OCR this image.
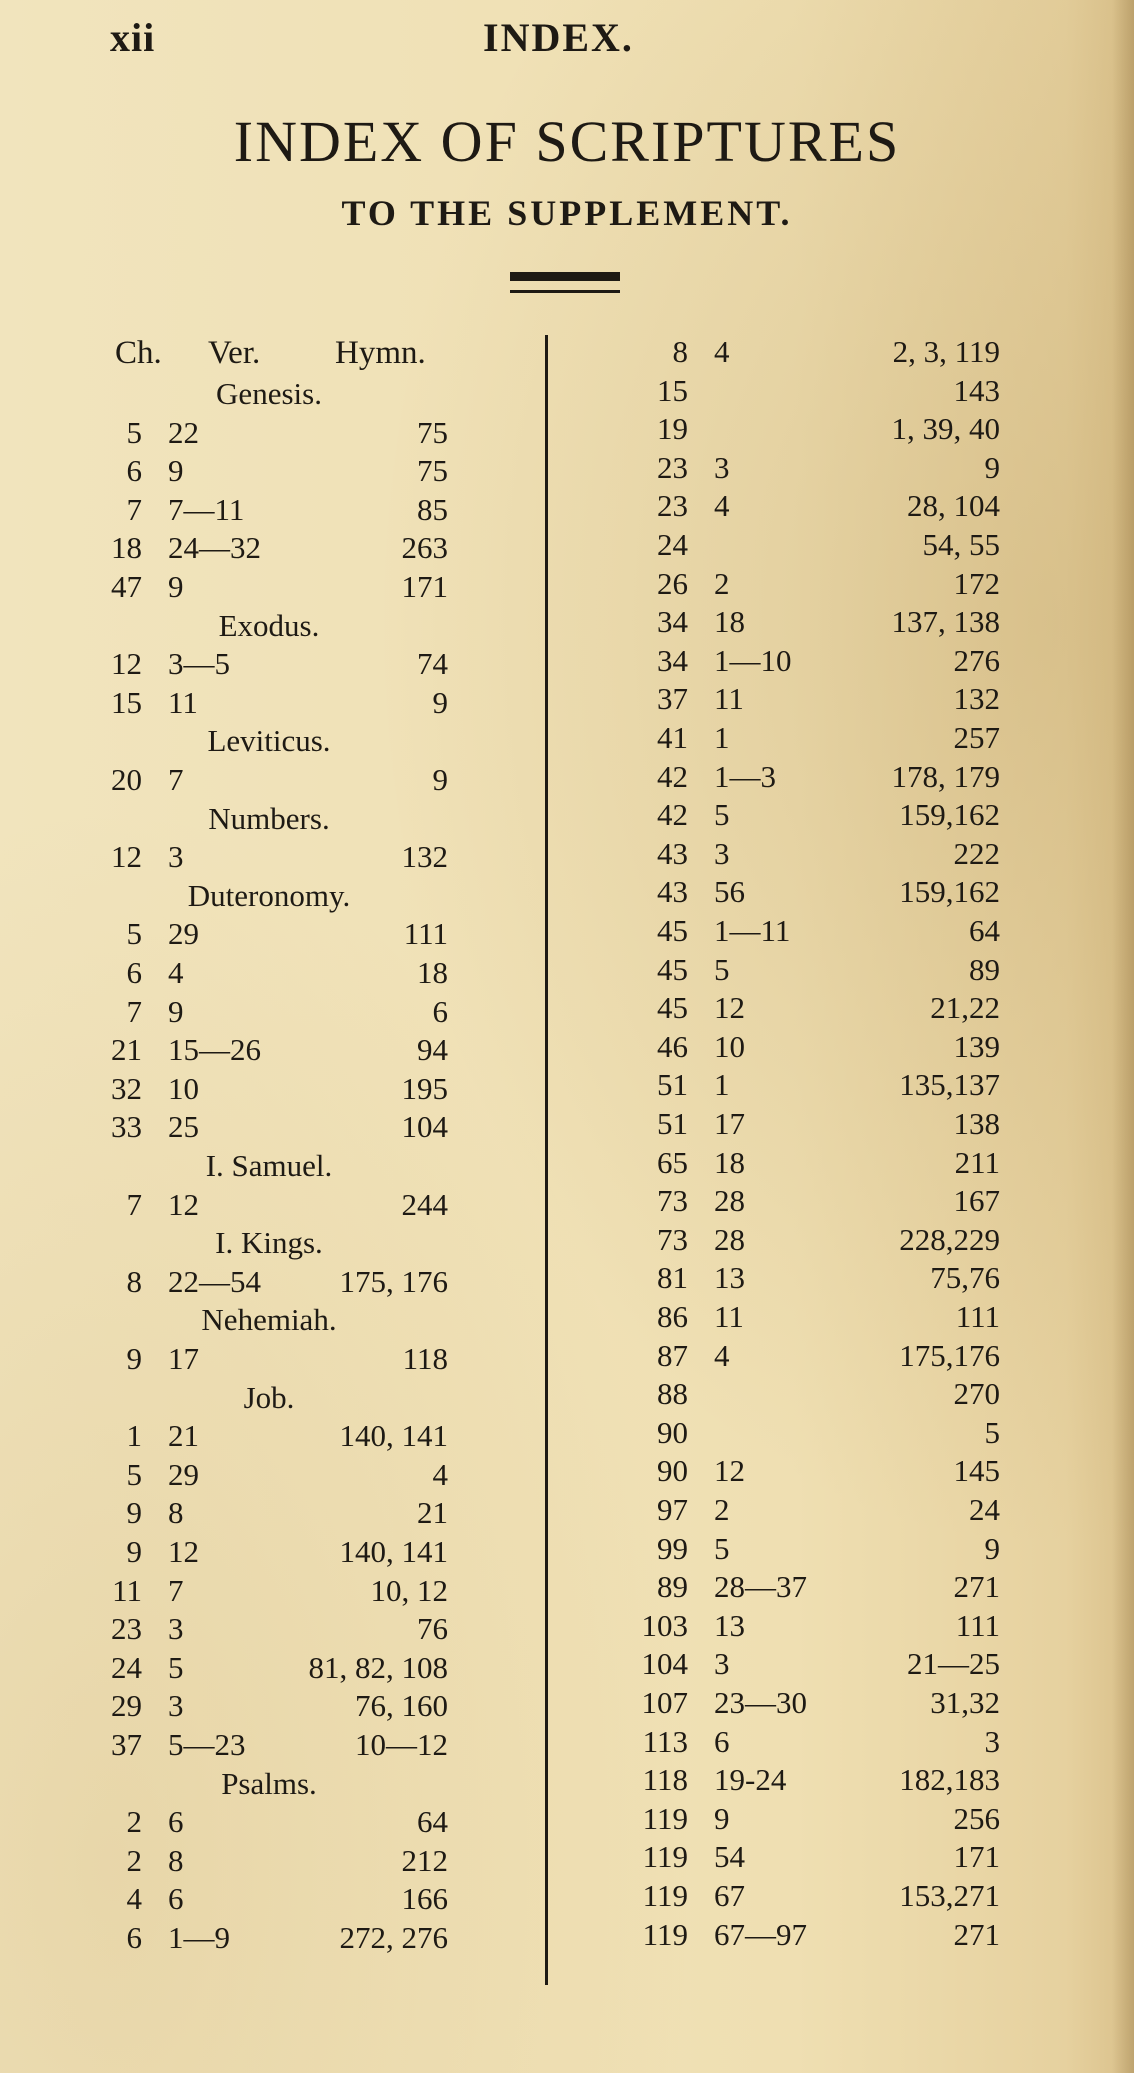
xii	INDEX.
INDEX OF SCRIPTURES
TO THE SUPPLEMENT.
Ch. Ver. Hymn.
Genesis.
5 22	75
6 9	75
7 7—11	85
18 24—32	263
47 9	171
Exodus.
12 3—5	74
15 11	9
Leviticus.
20 7	9
Numbers.
12 3	132
Duteronomy.
5 29	111
6 4	18
7 9	6
21 15—26	94
32 10	195
33 25	104
I. Samuel.
7 12	244
I. Kings.
8 22—54	175, 176
Nehemiah.
9 17	118
Job.
1 21	140, 141
5 29	4
9 8	21
9 12	140, 141
11 7	10, 12
23 3	76
24 5	81, 82, 108
29 3	76, 160
37 5—23	10—12
Psalms.
2 6	64
2 8	212
4 6	166
6 1—9	272, 276
8 4	2, 3, 119
15	143
19	1, 39, 40
23 3	9
23 4	28, 104
24	54, 55
26 2	172
34 18	137, 138
34 1—10	276
37 11	132
41 1	257
42 1—3	178, 179
42 5	159,162
43 3	222
43 56	159,162
45 1—11	64
45 5	89
45 12	21,22
46 10	139
51 1	135,137
51 17	138
65 18	211
73 28	167
73 28	228,229
81 13	75,76
86 11	111
87 4	175,176
88	270
90	5
90 12	145
97 2	24
99 5	9
89 28—37	271
103 13	111
104 3	21—25
107 23—30	31,32
113 6	3
118 19-24	182,183
119 9	256
119 54	171
119 67	153,271
119 67—97	271
